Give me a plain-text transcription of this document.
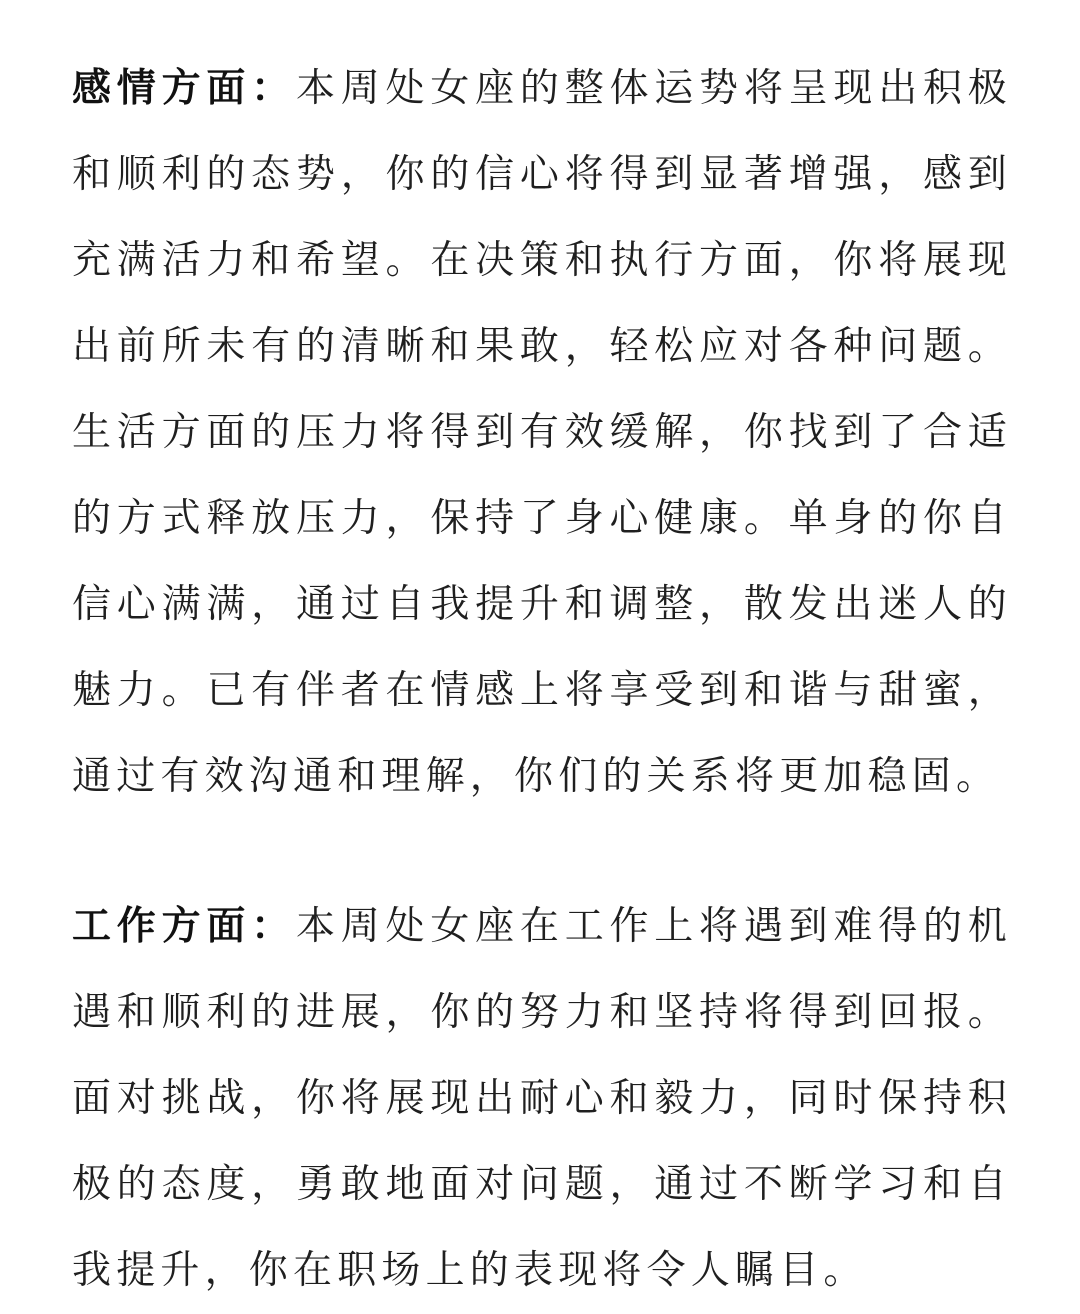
感情方面：本周处女座的整体运势将呈现出积极和顺利的态势，你的信心将得到显著增强，感到充满活力和希望。在决策和执行方面，你将展现出前所未有的清晰和果敢，轻松应对各种问题。生活方面的压力将得到有效缓解，你找到了合适的方式释放压力，保持了身心健康。单身的你自信心满满，通过自我提升和调整，散发出迷人的魅力。已有伴者在情感上将享受到和谐与甜蜜，通过有效沟通和理解，你们的关系将更加稳固。

工作方面：本周处女座在工作上将遇到难得的机遇和顺利的进展，你的努力和坚持将得到回报。面对挑战，你将展现出耐心和毅力，同时保持积极的态度，勇敢地面对问题，通过不断学习和自我提升，你在职场上的表现将令人瞩目。
